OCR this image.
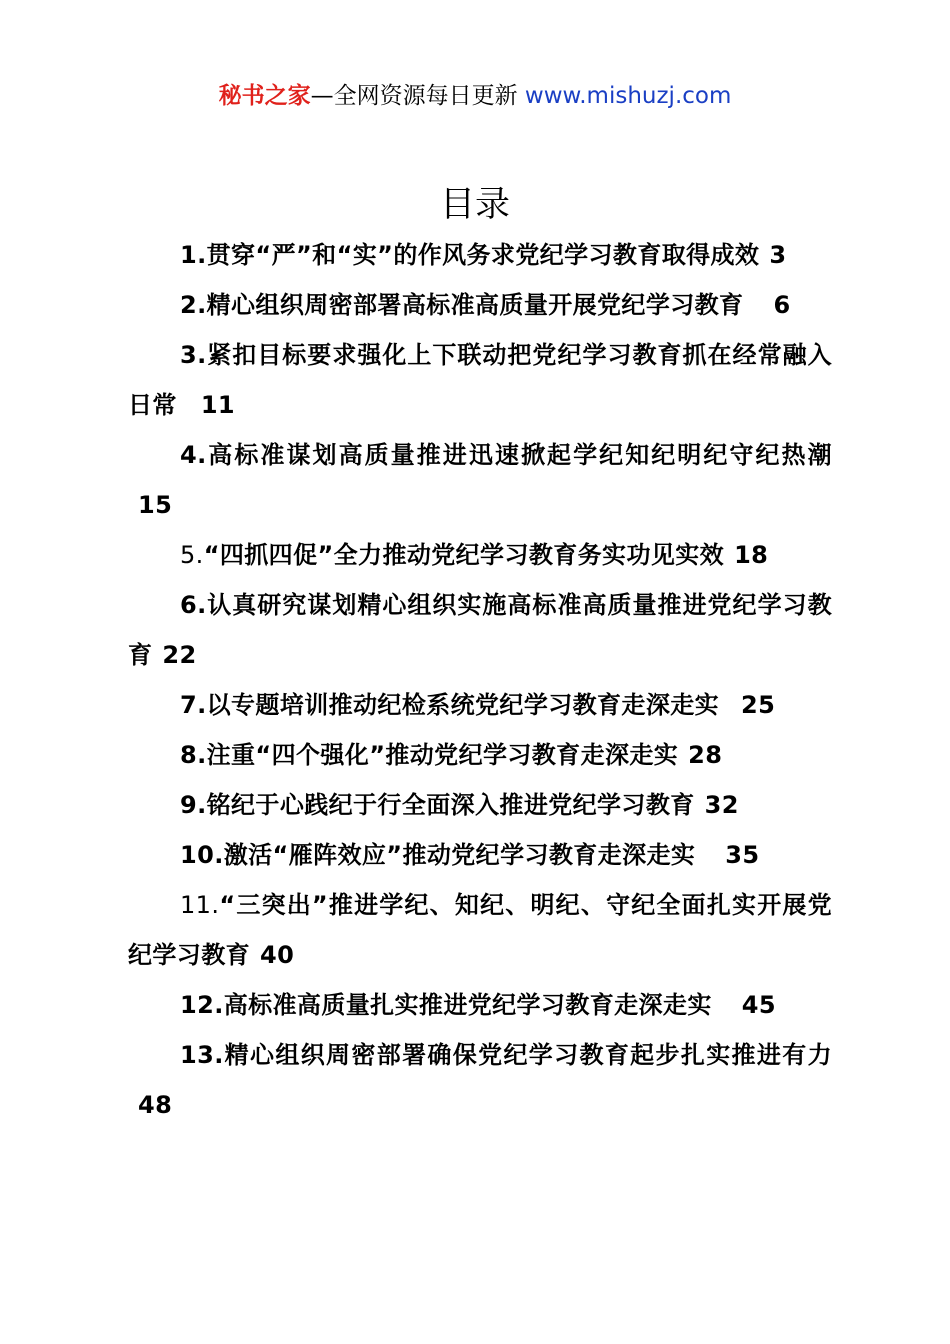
秘书之家—全网资源每日更新 www.mishuzj.com
目录
1.贯穿“严”和“实”的作风务求党纪学习教育取得成效 3
2.精心组织周密部署高标准高质量开展党纪学习教育 6
3.紧扣目标要求强化上下联动把党纪学习教育抓在经常融入日常 11
4.高标准谋划高质量推进迅速掀起学纪知纪明纪守纪热潮15
5.“四抓四促”全力推动党纪学习教育务实功见实效 18
6.认真研究谋划精心组织实施高标准高质量推进党纪学习教育 22
7.以专题培训推动纪检系统党纪学习教育走深走实 25
8.注重“四个强化”推动党纪学习教育走深走实 28
9.铭纪于心践纪于行全面深入推进党纪学习教育 32
10.激活“雁阵效应”推动党纪学习教育走深走实 35
11.“三突出”推进学纪、知纪、明纪、守纪全面扎实开展党纪学习教育 40
12.高标准高质量扎实推进党纪学习教育走深走实 45
13.精心组织周密部署确保党纪学习教育起步扎实推进有力48
